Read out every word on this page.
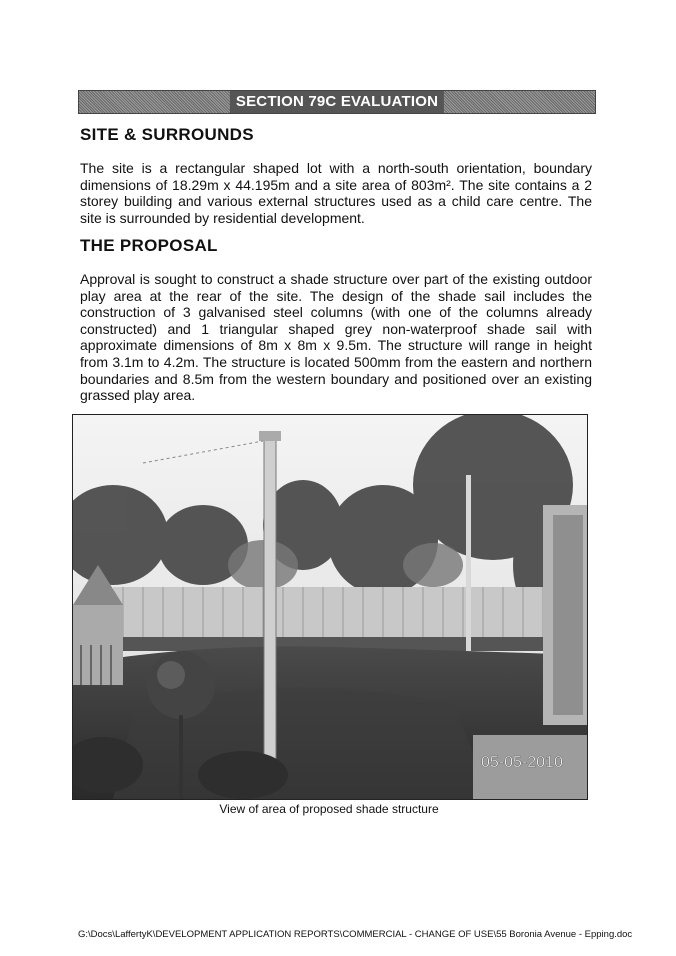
SECTION 79C EVALUATION
SITE & SURROUNDS

The site is a rectangular shaped lot with a north-south orientation, boundary dimensions of 18.29m x 44.195m and a site area of 803m². The site contains a 2 storey building and various external structures used as a child care centre. The site is surrounded by residential development.

THE PROPOSAL

Approval is sought to construct a shade structure over part of the existing outdoor play area at the rear of the site. The design of the shade sail includes the construction of 3 galvanised steel columns (with one of the columns already constructed) and 1 triangular shaped grey non-waterproof shade sail with approximate dimensions of 8m x 8m x 9.5m. The structure will range in height from 3.1m to 4.2m. The structure is located 500mm from the eastern and northern boundaries and 8.5m from the western boundary and positioned over an existing grassed play area.

05-05-2010
View of area of proposed shade structure
G:\Docs\LaffertyK\DEVELOPMENT APPLICATION REPORTS\COMMERCIAL - CHANGE OF USE\55 Boronia Avenue - Epping.doc
